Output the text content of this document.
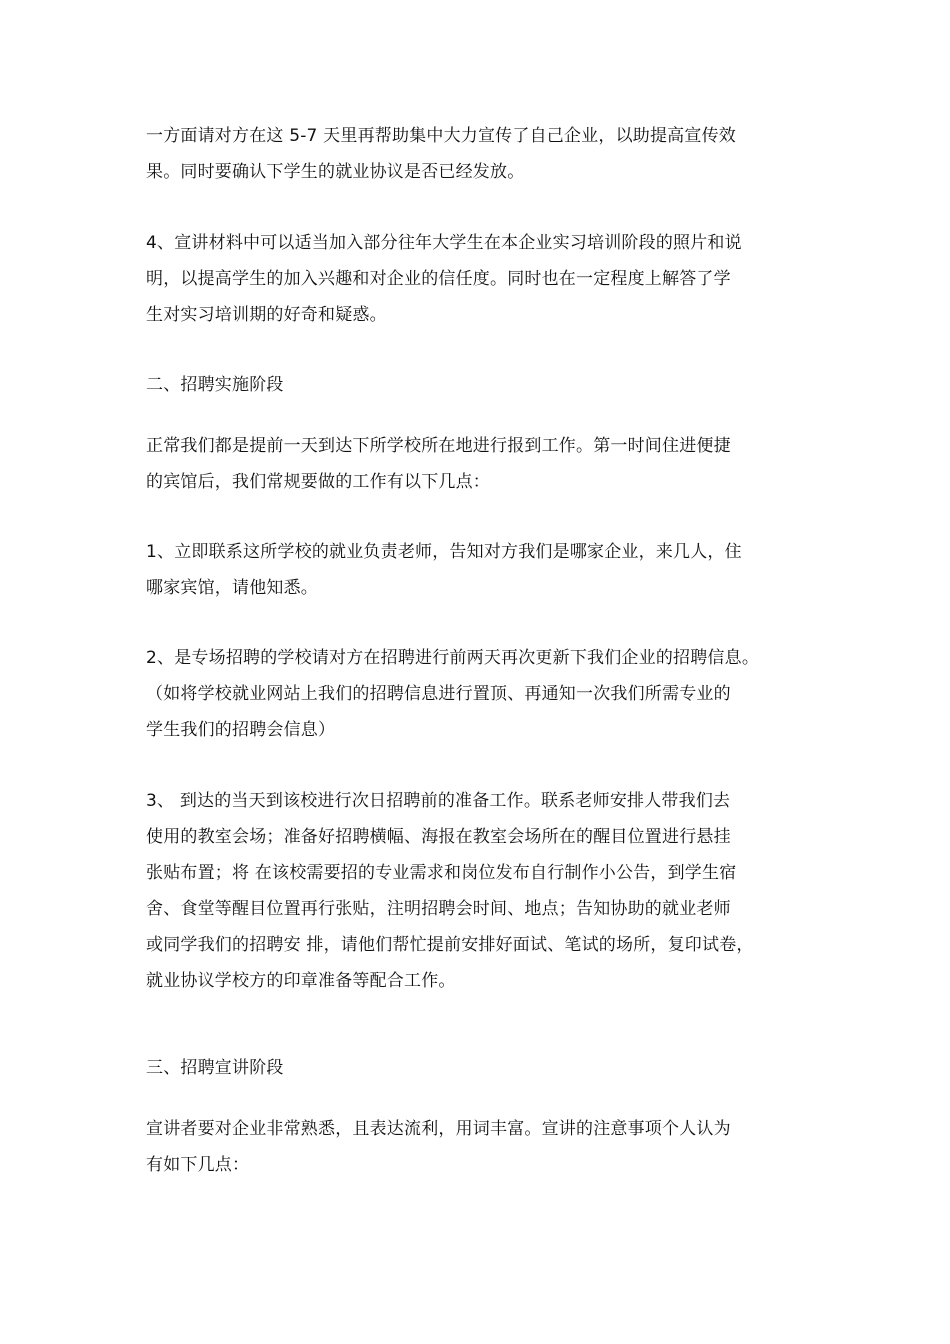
一方面请对方在这 5-7 天里再帮助集中大力宣传了自己企业，以助提高宣传效
果。同时要确认下学生的就业协议是否已经发放。

4、宣讲材料中可以适当加入部分往年大学生在本企业实习培训阶段的照片和说
明，以提高学生的加入兴趣和对企业的信任度。同时也在一定程度上解答了学
生对实习培训期的好奇和疑惑。

二、招聘实施阶段

正常我们都是提前一天到达下所学校所在地进行报到工作。第一时间住进便捷
的宾馆后，我们常规要做的工作有以下几点：

1、立即联系这所学校的就业负责老师，告知对方我们是哪家企业，来几人，住
哪家宾馆，请他知悉。

2、是专场招聘的学校请对方在招聘进行前两天再次更新下我们企业的招聘信息。
（如将学校就业网站上我们的招聘信息进行置顶、再通知一次我们所需专业的
学生我们的招聘会信息）

3、 到达的当天到该校进行次日招聘前的准备工作。联系老师安排人带我们去
使用的教室会场；准备好招聘横幅、海报在教室会场所在的醒目位置进行悬挂
张贴布置；将 在该校需要招的专业需求和岗位发布自行制作小公告，到学生宿
舍、食堂等醒目位置再行张贴，注明招聘会时间、地点；告知协助的就业老师
或同学我们的招聘安 排，请他们帮忙提前安排好面试、笔试的场所，复印试卷，
就业协议学校方的印章准备等配合工作。

三、招聘宣讲阶段

宣讲者要对企业非常熟悉，且表达流利，用词丰富。宣讲的注意事项个人认为
有如下几点：
